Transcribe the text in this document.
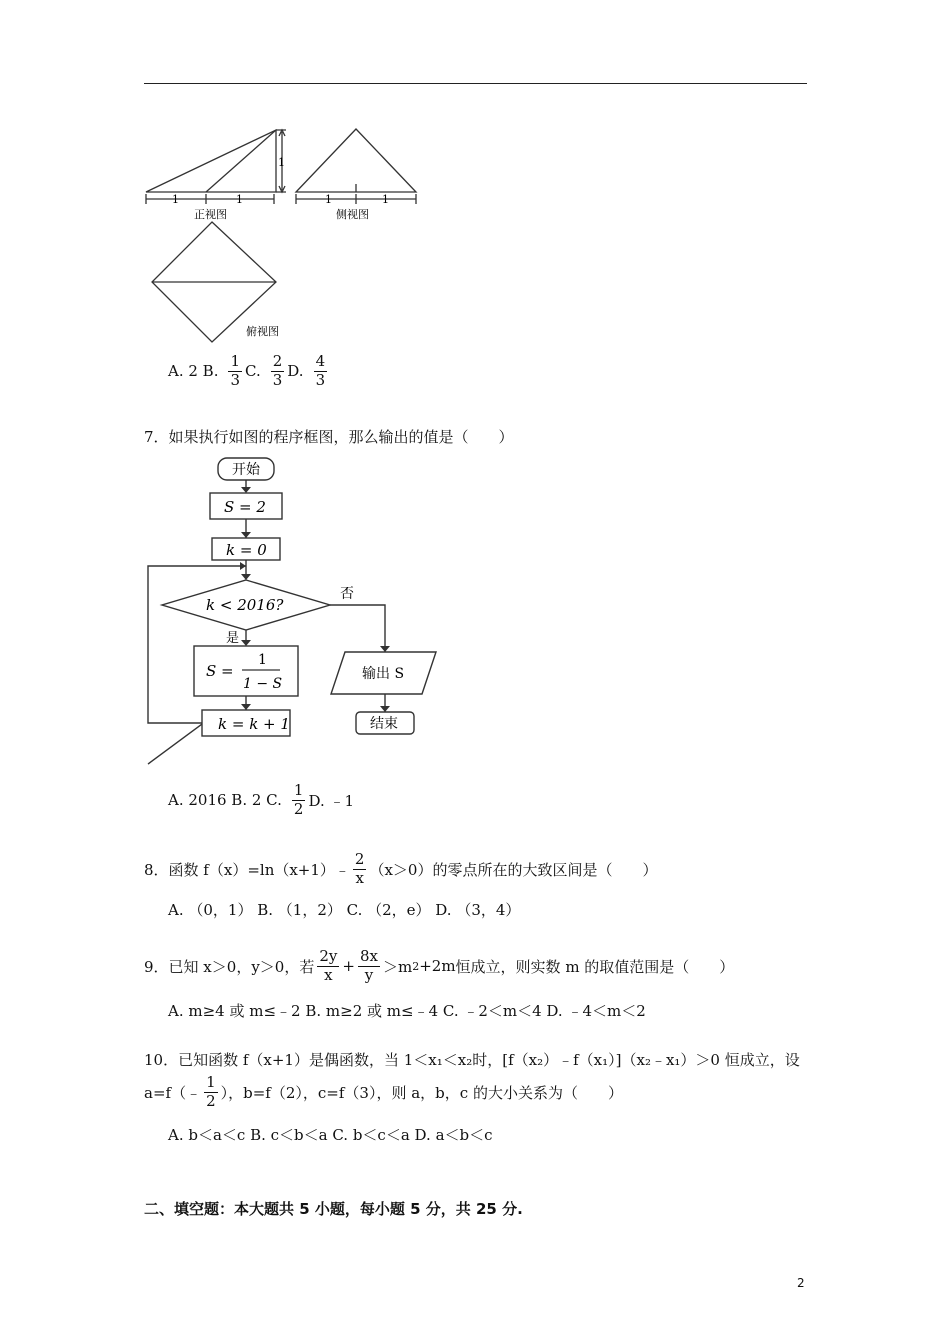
1
1	1	1	1
正视图	侧视图
俯视图
A. 2 B. $\frac{1}{3} C$. $\frac{2}{3} D$. $\frac{4}{3}$
7．如果执行如图的程序框图，那么输出的值是（　　）
开始
S = 2
k = 0
k < 2016?
否
是
S =
1
1 − S
k = k + 1
输出 S
结束
A. 2016 B. 2 C. $\frac{1}{2} D$. ﹣1
8．函数 f（x）=ln（x+1）﹣ $\frac{2}{x} (x>0)$的零点所在的大致区间是（　　）
A. （0，1） B. （1，2） C. （2，e） D. （3，4）
9．已知 x＞0，y＞0，若 $\frac{2y}{x} + \frac{8x}{y} >m$ 2 +2m 恒成立，则实数 m 的取值范围是（　　）
A. m≥4 或 m≤﹣2 B. m≥2 或 m≤﹣4 C. ﹣2＜m＜4 D. ﹣4＜m＜2
10．已知函数 f（x+1）是偶函数，当 1＜x₁＜x₂时，[f（x₂）﹣f（x₁）]（x₂﹣x₁）＞0 恒成立，设
a=f（﹣ $\frac{1}{2}$ ），b=f（2），c=f（3），则 a，b，c 的大小关系为（　　）
A. b＜a＜c B. c＜b＜a C. b＜c＜a D. a＜b＜c
二、填空题：本大题共 5 小题，每小题 5 分，共 25 分.
2
